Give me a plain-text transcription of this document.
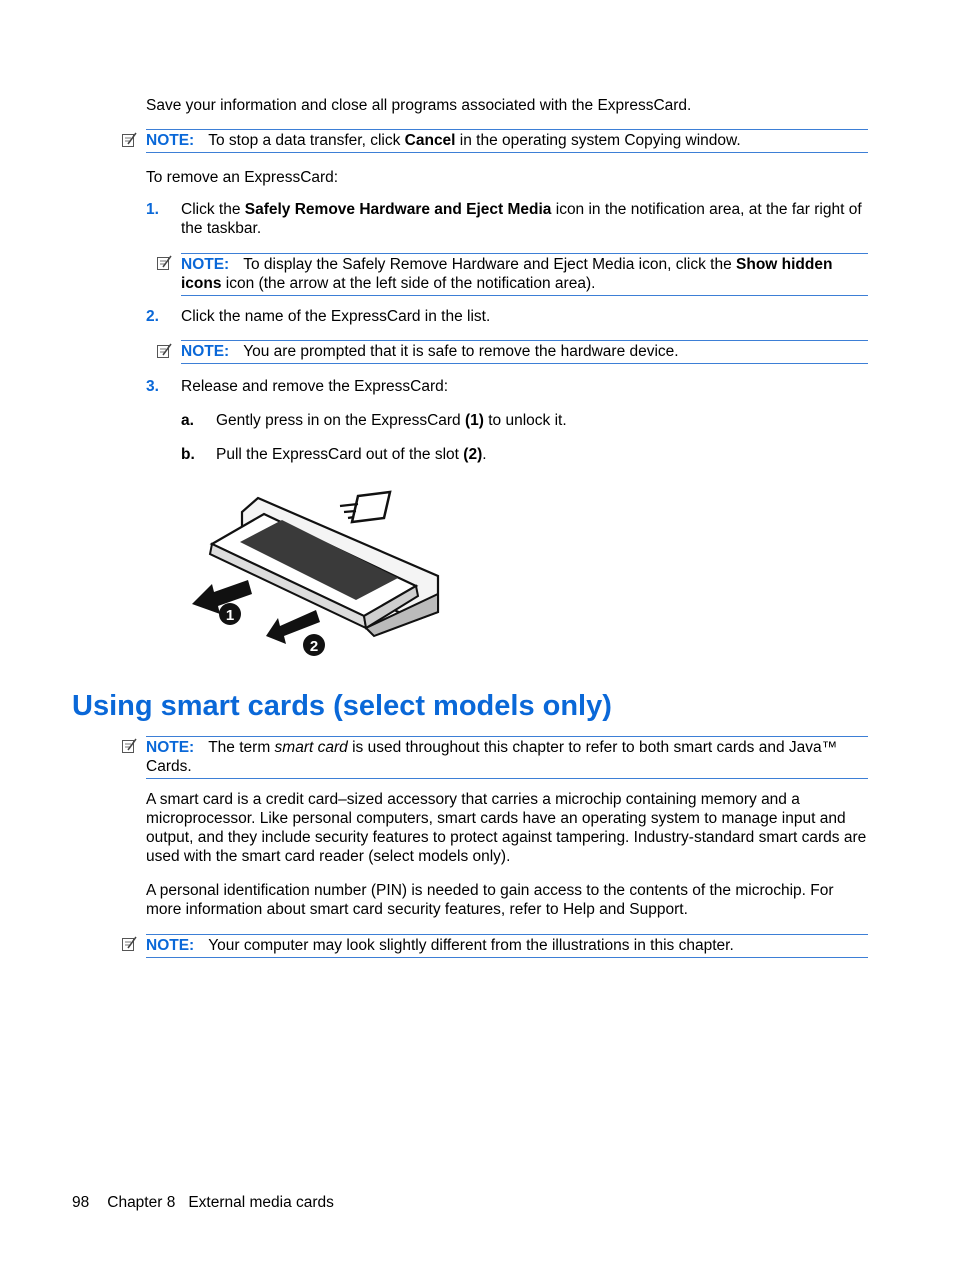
Save your information and close all programs associated with the ExpressCard.
NOTE: To stop a data transfer, click Cancel in the operating system Copying window.
To remove an ExpressCard:
1. Click the Safely Remove Hardware and Eject Media icon in the notification area, at the far right of the taskbar.
NOTE: To display the Safely Remove Hardware and Eject Media icon, click the Show hidden icons icon (the arrow at the left side of the notification area).
2. Click the name of the ExpressCard in the list.
NOTE: You are prompted that it is safe to remove the hardware device.
3. Release and remove the ExpressCard:
a. Gently press in on the ExpressCard (1) to unlock it.
b. Pull the ExpressCard out of the slot (2).
1
2
Using smart cards (select models only)
NOTE: The term smart card is used throughout this chapter to refer to both smart cards and Java™ Cards.
A smart card is a credit card–sized accessory that carries a microchip containing memory and a microprocessor. Like personal computers, smart cards have an operating system to manage input and output, and they include security features to protect against tampering. Industry-standard smart cards are used with the smart card reader (select models only).
A personal identification number (PIN) is needed to gain access to the contents of the microchip. For more information about smart card security features, refer to Help and Support.
NOTE: Your computer may look slightly different from the illustrations in this chapter.
98 Chapter 8 External media cards
